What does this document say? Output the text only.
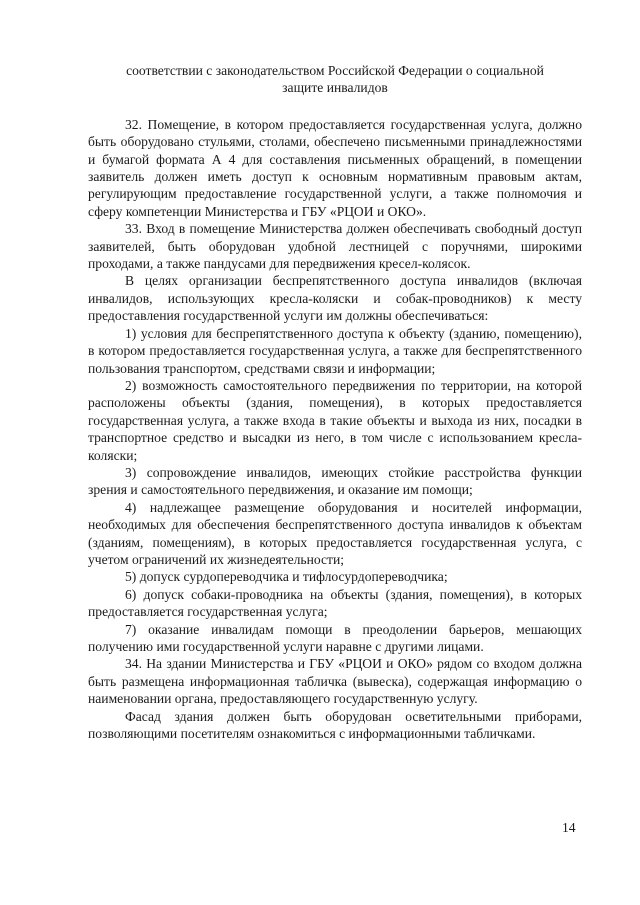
соответствии с законодательством Российской Федерации о социальной
защите инвалидов

32. Помещение, в котором предоставляется государственная услуга, должно быть оборудовано стульями, столами, обеспечено письменными принадлежностями и бумагой формата А 4 для составления письменных обращений, в помещении заявитель должен иметь доступ к основным нормативным правовым актам, регулирующим предоставление государственной услуги, а также полномочия и сферу компетенции Министерства и ГБУ «РЦОИ и ОКО».

33. Вход в помещение Министерства должен обеспечивать свободный доступ заявителей, быть оборудован удобной лестницей с поручнями, широкими проходами, а также пандусами для передвижения кресел-колясок.

В целях организации беспрепятственного доступа инвалидов (включая инвалидов, использующих кресла-коляски и собак-проводников) к месту предоставления государственной услуги им должны обеспечиваться:

1) условия для беспрепятственного доступа к объекту (зданию, помещению), в котором предоставляется государственная услуга, а также для беспрепятственного пользования транспортом, средствами связи и информации;

2) возможность самостоятельного передвижения по территории, на которой расположены объекты (здания, помещения), в которых предоставляется государственная услуга, а также входа в такие объекты и выхода из них, посадки в транспортное средство и высадки из него, в том числе с использованием кресла-коляски;

3) сопровождение инвалидов, имеющих стойкие расстройства функции зрения и самостоятельного передвижения, и оказание им помощи;

4) надлежащее размещение оборудования и носителей информации, необходимых для обеспечения беспрепятственного доступа инвалидов к объектам (зданиям, помещениям), в которых предоставляется государственная услуга, с учетом ограничений их жизнедеятельности;

5) допуск сурдопереводчика и тифлосурдопереводчика;

6) допуск собаки-проводника на объекты (здания, помещения), в которых предоставляется государственная услуга;

7) оказание инвалидам помощи в преодолении барьеров, мешающих получению ими государственной услуги наравне с другими лицами.

34. На здании Министерства и ГБУ «РЦОИ и ОКО» рядом со входом должна быть размещена информационная табличка (вывеска), содержащая информацию о наименовании органа, предоставляющего государственную услугу.

Фасад здания должен быть оборудован осветительными приборами, позволяющими посетителям ознакомиться с информационными табличками.

14
